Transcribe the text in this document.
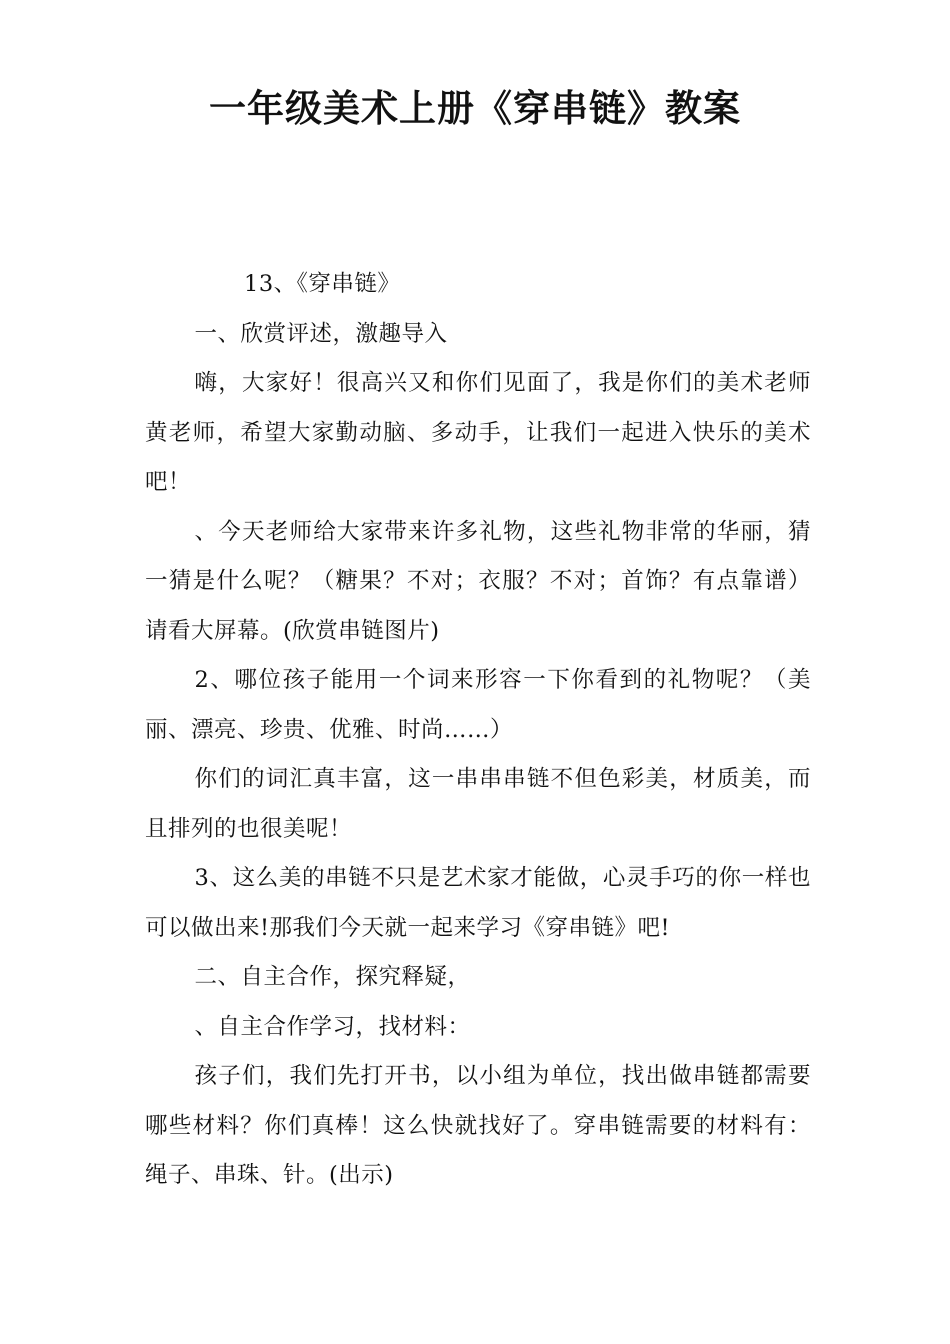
一年级美术上册《穿串链》教案

13、《穿串链》

一、欣赏评述，激趣导入

嗨，大家好！很高兴又和你们见面了，我是你们的美术老师黄老师，希望大家勤动脑、多动手，让我们一起进入快乐的美术吧！

、今天老师给大家带来许多礼物，这些礼物非常的华丽，猜一猜是什么呢？（糖果？不对；衣服？不对；首饰？有点靠谱）请看大屏幕。(欣赏串链图片)

2、哪位孩子能用一个词来形容一下你看到的礼物呢？（美丽、漂亮、珍贵、优雅、时尚……）

你们的词汇真丰富，这一串串串链不但色彩美，材质美，而且排列的也很美呢！

3、这么美的串链不只是艺术家才能做，心灵手巧的你一样也可以做出来!那我们今天就一起来学习《穿串链》吧!

二、自主合作，探究释疑，

、自主合作学习，找材料：

孩子们，我们先打开书，以小组为单位，找出做串链都需要哪些材料？你们真棒！这么快就找好了。穿串链需要的材料有：绳子、串珠、针。(出示)
